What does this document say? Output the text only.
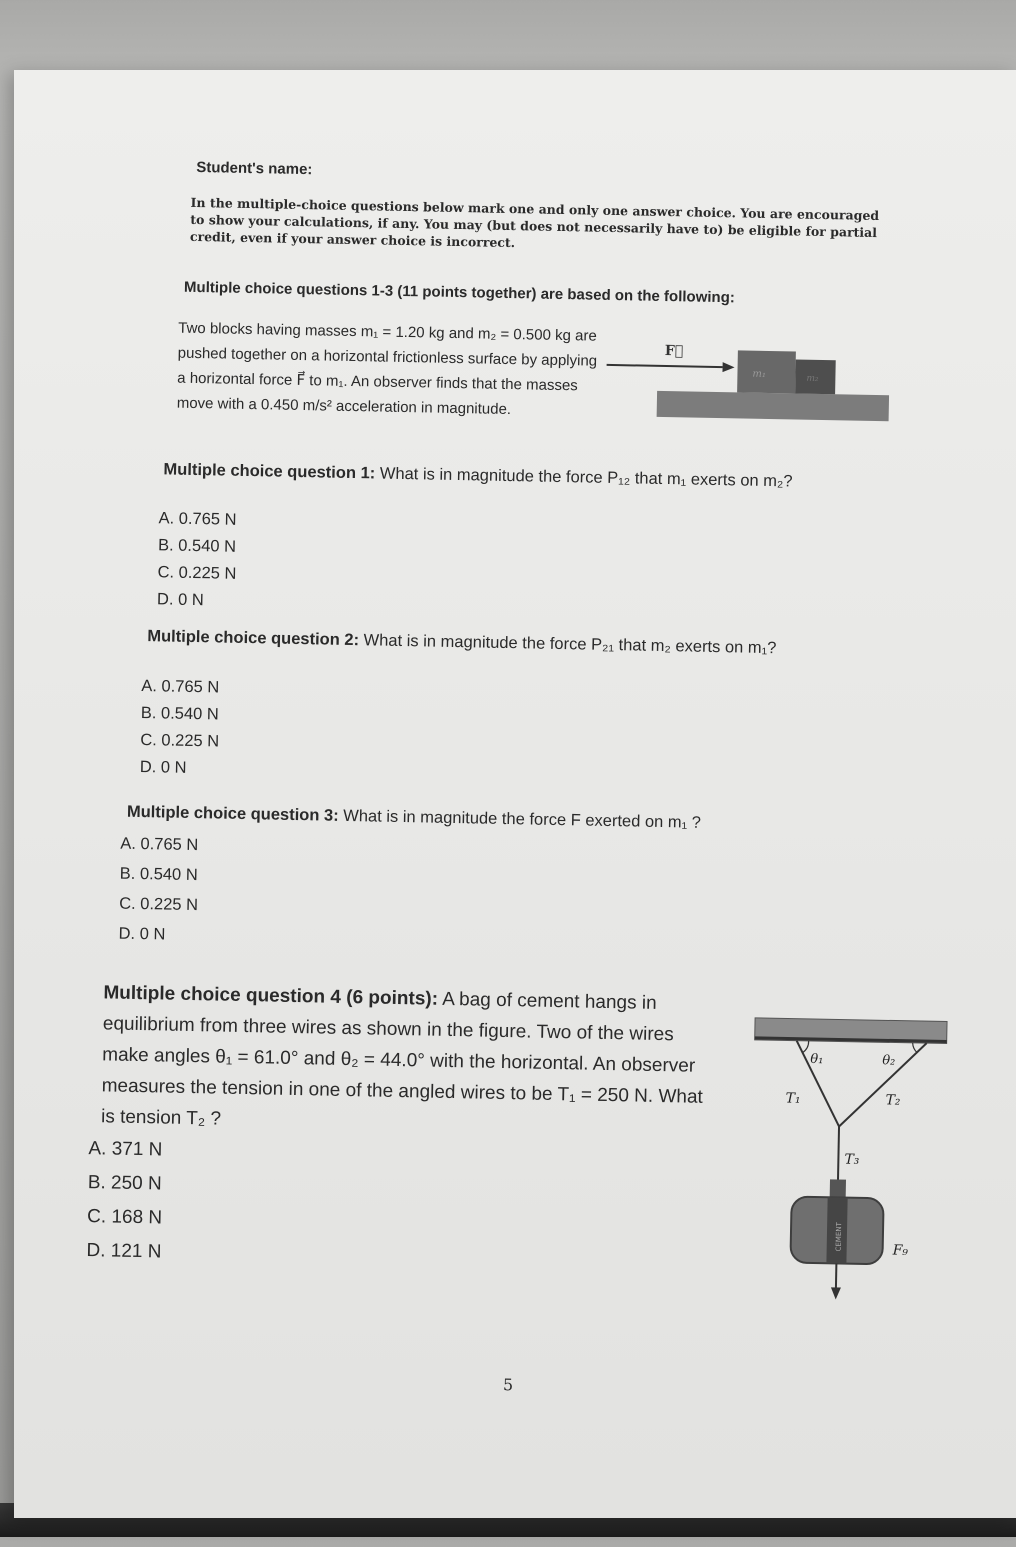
Student's name:
In the multiple-choice questions below mark one and only one answer choice. You are encouraged to show your calculations, if any. You may (but does not necessarily have to) be eligible for partial credit, even if your answer choice is incorrect.
Multiple choice questions 1-3 (11 points together) are based on the following:
Two blocks having masses m₁ = 1.20 kg and m₂ = 0.500 kg are pushed together on a horizontal frictionless surface by applying a horizontal force F⃗ to m₁. An observer finds that the masses move with a 0.450 m/s² acceleration in magnitude.
F⃗
m₁	m₂
Multiple choice question 1: What is in magnitude the force P₁₂ that m₁ exerts on m₂?
A. 0.765 N
B. 0.540 N
C. 0.225 N
D. 0 N
Multiple choice question 2: What is in magnitude the force P₂₁ that m₂ exerts on m₁?
A. 0.765 N
B. 0.540 N
C. 0.225 N
D. 0 N
Multiple choice question 3: What is in magnitude the force F exerted on m₁ ?
A. 0.765 N
B. 0.540 N
C. 0.225 N
D. 0 N
Multiple choice question 4 (6 points): A bag of cement hangs in equilibrium from three wires as shown in the figure. Two of the wires make angles θ₁ = 61.0° and θ₂ = 44.0° with the horizontal. An observer measures the tension in one of the angled wires to be T₁ = 250 N. What is tension T₂ ?
A. 371 N
B. 250 N
C. 168 N
D. 121 N
θ₁	θ₂
T₁	T₂
T₃
CEMENT	F₉
5
